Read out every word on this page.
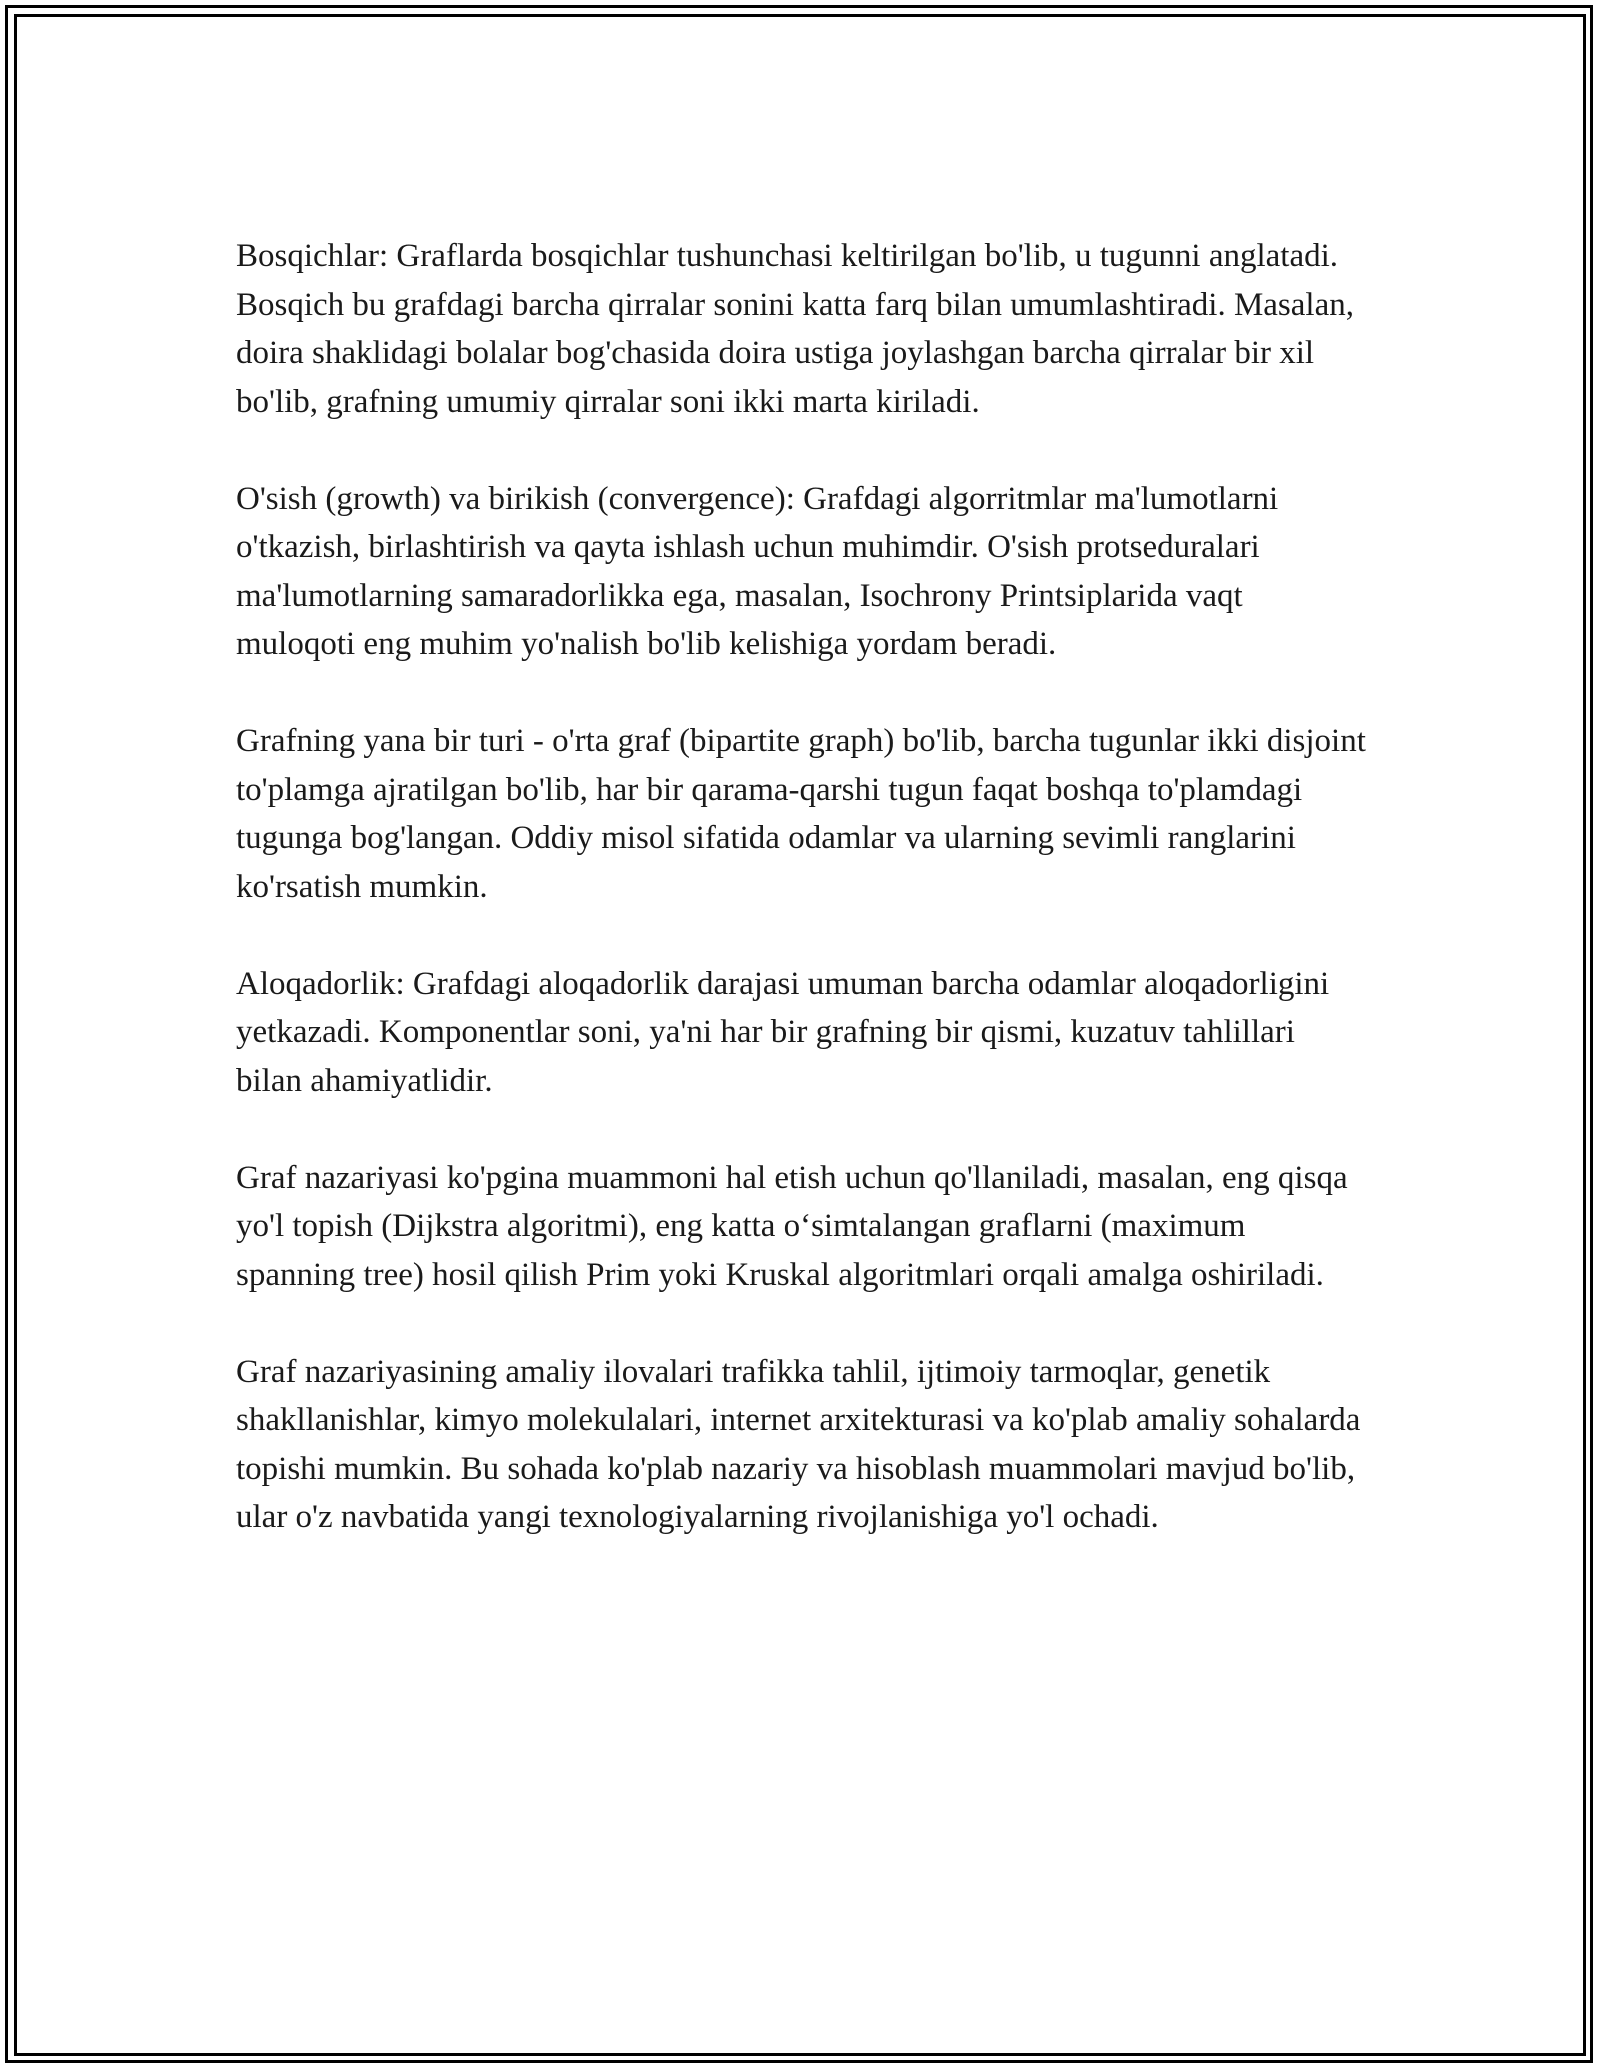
Bosqichlar: Graflarda bosqichlar tushunchasi keltirilgan bo'lib, u tugunni anglatadi. Bosqich bu grafdagi barcha qirralar sonini katta farq bilan umumlashtiradi. Masalan, doira shaklidagi bolalar bog'chasida doira ustiga joylashgan barcha qirralar bir xil bo'lib, grafning umumiy qirralar soni ikki marta kiriladi.

O'sish (growth) va birikish (convergence): Grafdagi algorritmlar ma'lumotlarni o'tkazish, birlashtirish va qayta ishlash uchun muhimdir. O'sish protseduralari ma'lumotlarning samaradorlikka ega, masalan, Isochrony Printsiplarida vaqt muloqoti eng muhim yo'nalish bo'lib kelishiga yordam beradi.

Grafning yana bir turi - o'rta graf (bipartite graph) bo'lib, barcha tugunlar ikki disjoint to'plamga ajratilgan bo'lib, har bir qarama-qarshi tugun faqat boshqa to'plamdagi tugunga bog'langan. Oddiy misol sifatida odamlar va ularning sevimli ranglarini ko'rsatish mumkin.

Aloqadorlik: Grafdagi aloqadorlik darajasi umuman barcha odamlar aloqadorligini yetkazadi. Komponentlar soni, ya'ni har bir grafning bir qismi, kuzatuv tahlillari bilan ahamiyatlidir.

Graf nazariyasi ko'pgina muammoni hal etish uchun qo'llaniladi, masalan, eng qisqa yo'l topish (Dijkstra algoritmi), eng katta o‘simtalangan graflarni (maximum spanning tree) hosil qilish Prim yoki Kruskal algoritmlari orqali amalga oshiriladi.

Graf nazariyasining amaliy ilovalari trafikka tahlil, ijtimoiy tarmoqlar, genetik shakllanishlar, kimyo molekulalari, internet arxitekturasi va ko'plab amaliy sohalarda topishi mumkin. Bu sohada ko'plab nazariy va hisoblash muammolari mavjud bo'lib, ular o'z navbatida yangi texnologiyalarning rivojlanishiga yo'l ochadi.
